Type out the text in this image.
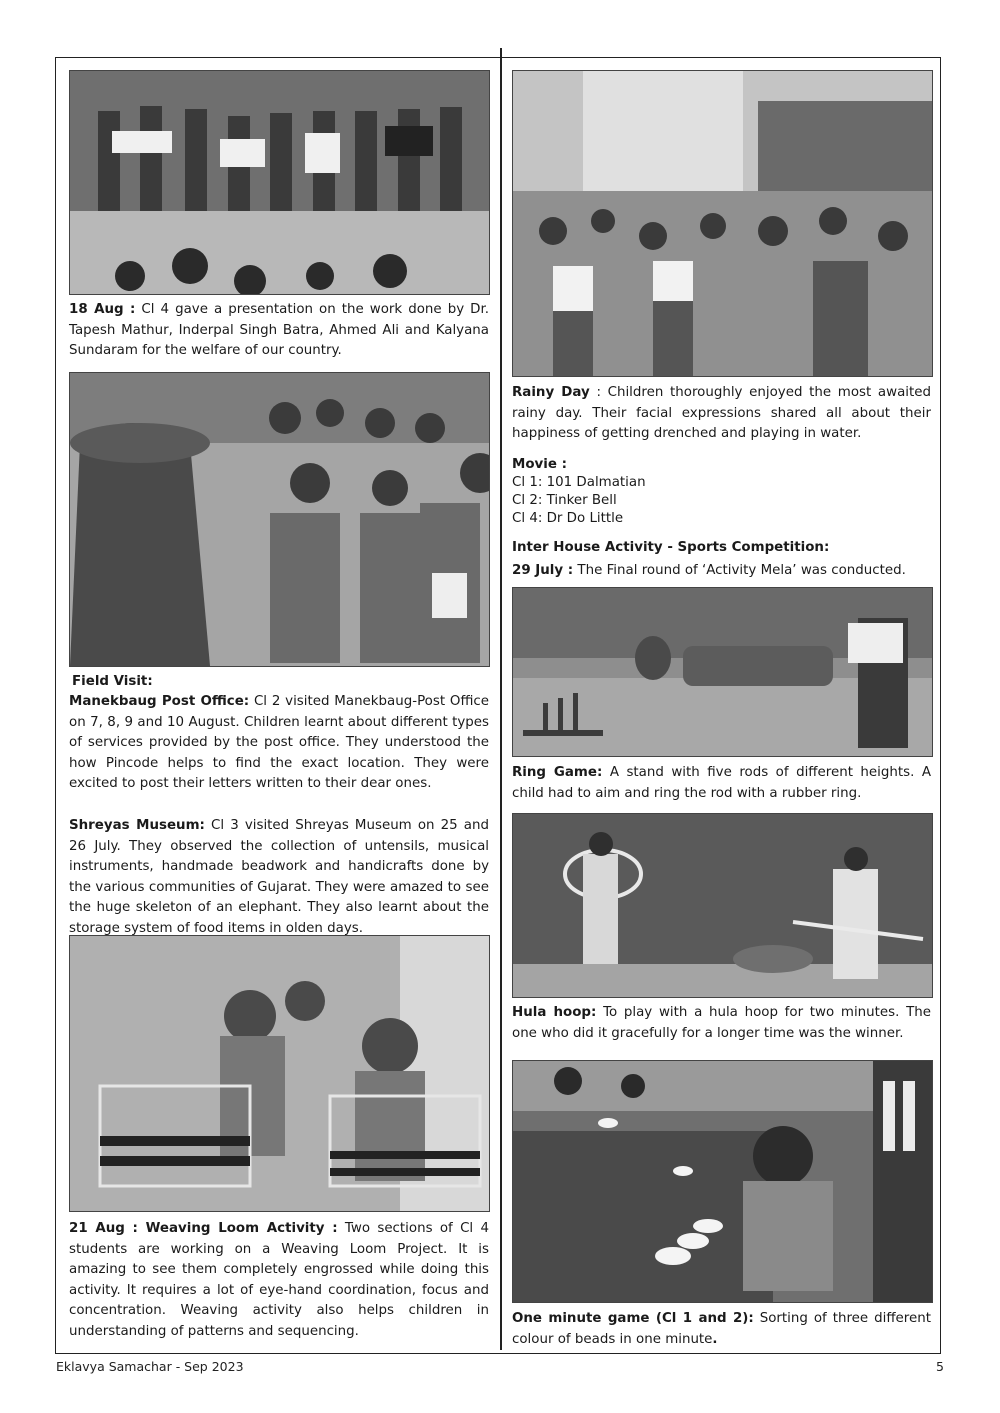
18 Aug : Cl 4 gave a presentation on the work done by Dr. Tapesh Mathur, Inderpal Singh Batra, Ahmed Ali and Kalyana Sundaram for the welfare of our country.

Field Visit:

Manekbaug Post Office: Cl 2 visited Manekbaug-Post Office on 7, 8, 9 and 10 August. Children learnt about different types of services provided by the post office. They understood the how Pincode helps to find the exact location. They were excited to post their letters written to their dear ones.

Shreyas Museum: Cl 3 visited Shreyas Museum on 25 and 26 July. They observed the collection of untensils, musical instruments, handmade beadwork and handicrafts done by the various communities of Gujarat. They were amazed to see the huge skeleton of an elephant. They also learnt about the storage system of food items in olden days.

21 Aug : Weaving Loom Activity : Two sections of Cl 4 students are working on a Weaving Loom Project. It is amazing to see them completely engrossed while doing this activity. It requires a lot of eye-hand coordination, focus and concentration. Weaving activity also helps children in understanding of patterns and sequencing.

Rainy Day : Children thoroughly enjoyed the most awaited rainy day. Their facial expressions shared all about their happiness of getting drenched and playing in water.

Movie :
Cl 1: 101 Dalmatian
Cl 2: Tinker Bell
Cl 4: Dr Do Little

Inter House Activity - Sports Competition:

29 July : The Final round of ‘Activity Mela’ was conducted.

Ring Game: A stand with five rods of different heights. A child had to aim and ring the rod with a rubber ring.

Hula hoop: To play with a hula hoop for two minutes. The one who did it gracefully for a longer time was the winner.

One minute game (Cl 1 and 2): Sorting of three different colour of beads in one minute.

Eklavya Samachar - Sep 2023	5
